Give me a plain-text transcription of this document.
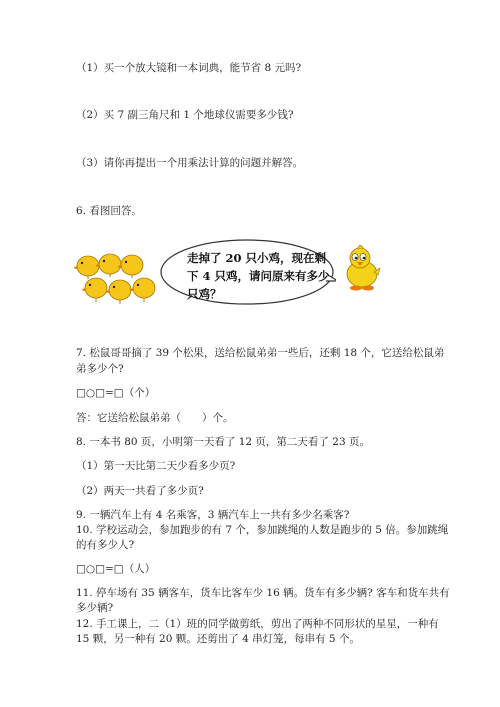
（1）买一个放大镜和一本词典，能节省 8 元吗?
（2）买 7 副三角尺和 1 个地球仪需要多少钱?
（3）请你再提出一个用乘法计算的问题并解答。
6. 看图回答。
走掉了 20 只小鸡，现在剩
下 4 只鸡，请问原来有多少
只鸡？
7. 松鼠哥哥摘了 39 个松果，送给松鼠弟弟一些后，还剩 18 个，它送给松鼠弟
弟多少个?
□○□=□（个）
答：它送给松鼠弟弟（　　）个。
8. 一本书 80 页，小明第一天看了 12 页，第二天看了 23 页。
（1）第一天比第二天少看多少页?
（2）两天一共看了多少页?
9. 一辆汽车上有 4 名乘客，3 辆汽车上一共有多少名乘客?
10. 学校运动会，参加跑步的有 7 个，参加跳绳的人数是跑步的 5 倍。参加跳绳
的有多少人?
□○□=□（人）
11. 停车场有 35 辆客车，货车比客车少 16 辆。货车有多少辆? 客车和货车共有
多少辆?
12. 手工课上，二（1）班的同学做剪纸，剪出了两种不同形状的星星，一种有
15 颗，另一种有 20 颗。还剪出了 4 串灯笼，每串有 5 个。
